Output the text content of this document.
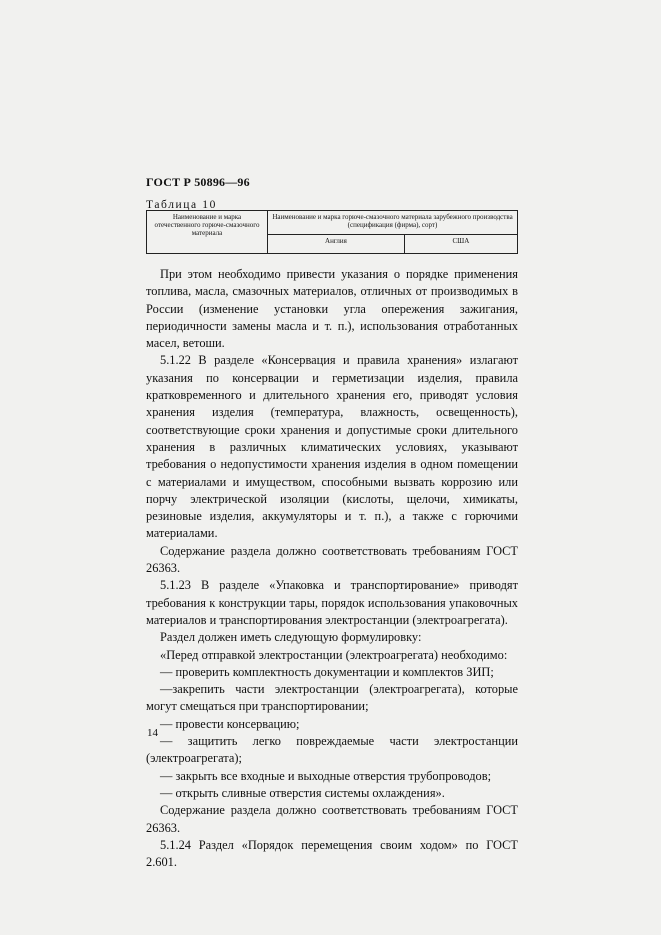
ГОСТ Р 50896—96
Таблица 10
Наименование и марка отечественного горюче-смазочного материала	Наименование и марка горюче-смазочного материала зарубежного производства (спецификация (фирма), сорт)	
	Англия	США

При этом необходимо привести указания о порядке применения топлива, масла, смазочных материалов, отличных от производимых в России (изменение установки угла опережения зажигания, периодичности замены масла и т. п.), использования отработанных масел, ветоши.

5.1.22 В разделе «Консервация и правила хранения» излагают указания по консервации и герметизации изделия, правила кратковременного и длительного хранения его, приводят условия хранения изделия (температура, влажность, освещенность), соответствующие сроки хранения и допустимые сроки длительного хранения в различных климатических условиях, указывают требования о недопустимости хранения изделия в одном помещении с материалами и имуществом, способными вызвать коррозию или порчу электрической изоляции (кислоты, щелочи, химикаты, резиновые изделия, аккумуляторы и т. п.), а также с горючими материалами.

Содержание раздела должно соответствовать требованиям ГОСТ 26363.

5.1.23 В разделе «Упаковка и транспортирование» приводят требования к конструкции тары, порядок использования упаковочных материалов и транспортирования электростанции (электроагрегата).

Раздел должен иметь следующую формулировку:

«Перед отправкой электростанции (электроагрегата) необходимо:

— проверить комплектность документации и комплектов ЗИП;

—закрепить части электростанции (электроагрегата), которые могут смещаться при транспортировании;

— провести консервацию;

— защитить легко повреждаемые части электростанции (электроагрегата);

— закрыть все входные и выходные отверстия трубопроводов;

— открыть сливные отверстия системы охлаждения».

Содержание раздела должно соответствовать требованиям ГОСТ 26363.

5.1.24 Раздел «Порядок перемещения своим ходом» по ГОСТ 2.601.

14
